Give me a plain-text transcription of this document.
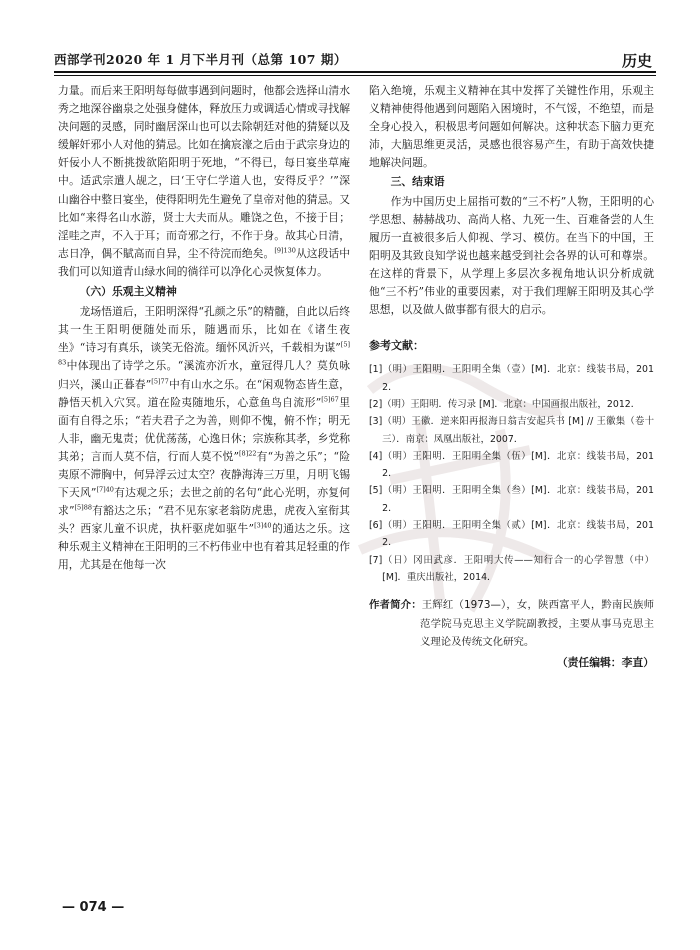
西部学刊2020 年 1 月下半月刊（总第 107 期）	历史

力量。而后来王阳明每每做事遇到问题时，他都会选择山清水秀之地深谷幽泉之处强身健体，释放压力或调适心情或寻找解决问题的灵感，同时幽居深山也可以去除朝廷对他的猜疑以及缓解奸邪小人对他的猜忌。比如在擒宸濠之后由于武宗身边的奸佞小人不断挑拨欲陷阳明于死地，“不得已，每日宴坐草庵中。适武宗遣人觇之，曰‘王守仁学道人也，安得反乎？’”深山幽谷中整日宴坐，使得阳明先生避免了皇帝对他的猜忌。又比如“来得名山水游，贤士大夫而从。雕饶之色，不接于目；淫哇之声，不入于耳；而奇邪之行，不作于身。故其心日清，志日净，偶不賦高而自异，尘不待浣而绝矣。$^{[9]130}$从这段话中我们可以知道青山绿水间的徜徉可以净化心灵恢复体力。

（六）乐观主义精神

龙场悟道后，王阳明深得“孔颜之乐”的精髓，自此以后终其一生王阳明便随处而乐，随遇而乐，比如在《诸生夜坐》“诗习有真乐，谈笑无俗流。缅怀风沂兴，千载相为谋”$^{[5]83}$中体现出了诗学之乐。“溪流亦沂水，童冠得几人？莫负咏归兴，溪山正暮春”$^{[5]77}$中有山水之乐。在“闲观物态皆生意，静悟天机入穴冥。道在险夷随地乐，心意鱼鸟自流形”$^{[5]67}$里面有自得之乐；“若夫君子之为善，则仰不愧，俯不怍；明无人非，幽无鬼责；优优荡荡，心逸日休；宗族称其孝，乡党称其弟；言而人莫不信，行而人莫不悦”$^{[8]22}$有“为善之乐”；“险夷原不滞胸中，何异浮云过太空？夜静海涛三万里，月明飞锡下天风”$^{[7]40}$有达观之乐；去世之前的名句“此心光明，亦复何求”$^{[5]88}$有豁达之乐；“君不见东家老翁防虎患，虎夜入室衔其头？西家儿童不识虎，执杆驱虎如驱牛”$^{[3]40}$的通达之乐。这种乐观主义精神在王阳明的三不朽伟业中也有着其足轻重的作用，尤其是在他每一次

陷入绝境，乐观主义精神在其中发挥了关键性作用，乐观主义精神使得他遇到问题陷入困境时，不气馁，不绝望，而是全身心投入，积极思考问题如何解决。这种状态下脑力更充沛，大脑思维更灵活，灵感也很容易产生，有助于高效快捷地解决问题。

三、结束语

作为中国历史上屈指可数的“三不朽”人物，王阳明的心学思想、赫赫战功、高尚人格、九死一生、百难备尝的人生履历一直被很多后人仰视、学习、模仿。在当下的中国，王阳明及其致良知学说也越来越受到社会各界的认可和尊崇。在这样的背景下，从学理上多层次多视角地认识分析成就他“三不朽”伟业的重要因素，对于我们理解王阳明及其心学思想，以及做人做事都有很大的启示。

参考文献：
[1]（明）王阳明．王阳明全集（壹）[M]．北京：线装书局，2012．
[2]（明）王阳明．传习录 [M]．北京：中国画报出版社，2012．
[3]（明）王徽．逆来阳再报海日翁吉安起兵书 [M] // 王徽集（卷十三）．南京：凤凰出版社，2007．
[4]（明）王阳明．王阳明全集（伍）[M]．北京：线装书局，2012．
[5]（明）王阳明．王阳明全集（叁）[M]．北京：线装书局，2012．
[6]（明）王阳明．王阳明全集（贰）[M]．北京：线装书局，2012．
[7]（日）冈田武彦．王阳明大传——知行合一的心学智慧（中）[M]．重庆出版社，2014．
作者简介：王辉红（1973—），女，陕西富平人，黔南民族师范学院马克思主义学院副教授，主要从事马克思主义理论及传统文化研究。
（责任编辑：李直）
— 074 —
